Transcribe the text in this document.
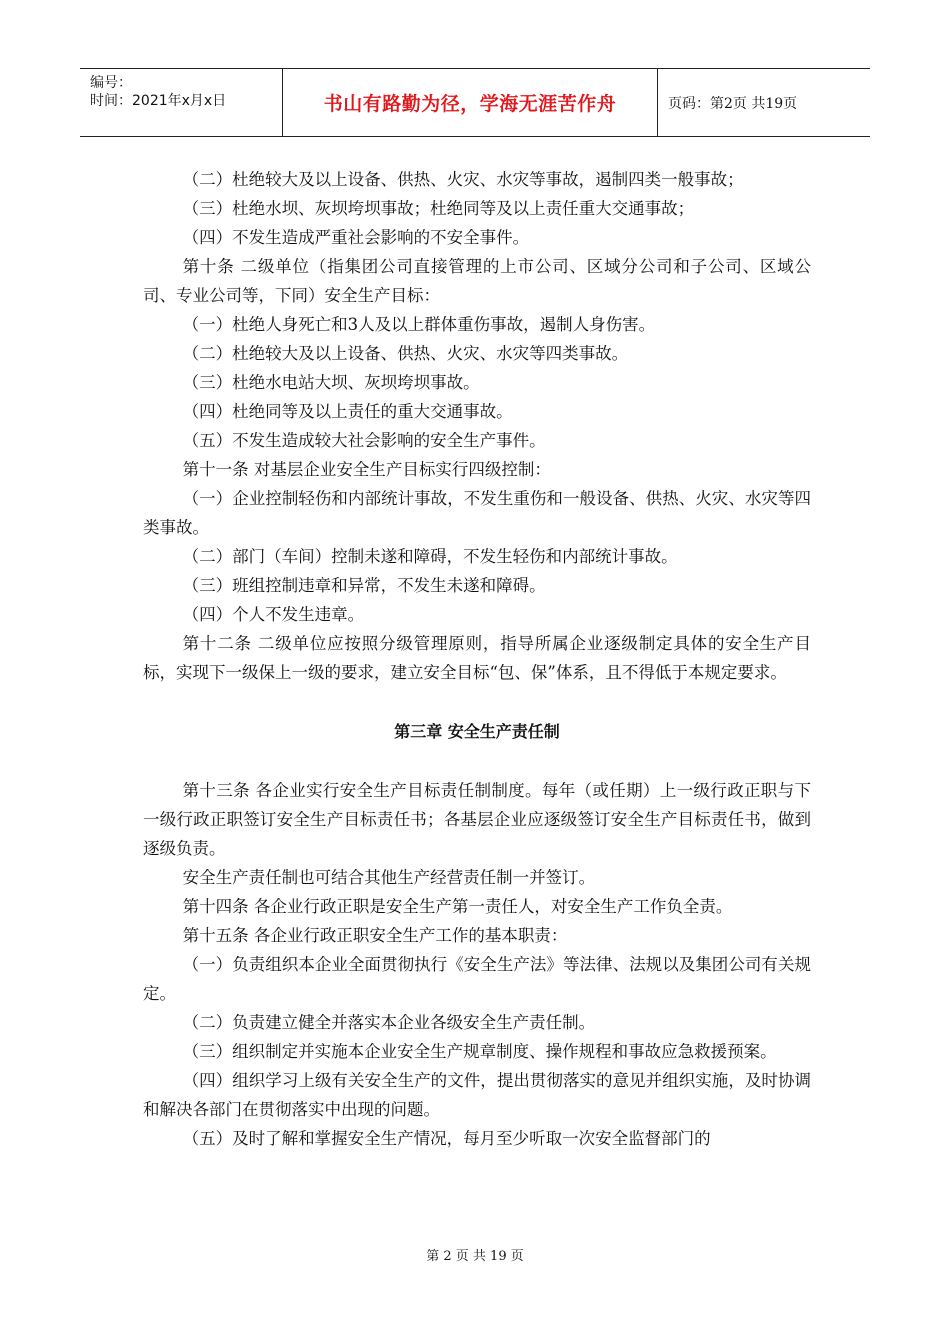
编号：
时间：2021年x月x日	书山有路勤为径，学海无涯苦作舟	页码：第2页 共19页

（二）杜绝较大及以上设备、供热、火灾、水灾等事故，遏制四类一般事故；

（三）杜绝水坝、灰坝垮坝事故；杜绝同等及以上责任重大交通事故；

（四）不发生造成严重社会影响的不安全事件。

第十条 二级单位（指集团公司直接管理的上市公司、区域分公司和子公司、区域公司、专业公司等，下同）安全生产目标：

（一）杜绝人身死亡和3人及以上群体重伤事故，遏制人身伤害。

（二）杜绝较大及以上设备、供热、火灾、水灾等四类事故。

（三）杜绝水电站大坝、灰坝垮坝事故。

（四）杜绝同等及以上责任的重大交通事故。

（五）不发生造成较大社会影响的安全生产事件。

第十一条 对基层企业安全生产目标实行四级控制：

（一）企业控制轻伤和内部统计事故，不发生重伤和一般设备、供热、火灾、水灾等四类事故。

（二）部门（车间）控制未遂和障碍，不发生轻伤和内部统计事故。

（三）班组控制违章和异常，不发生未遂和障碍。

（四）个人不发生违章。

第十二条 二级单位应按照分级管理原则，指导所属企业逐级制定具体的安全生产目标，实现下一级保上一级的要求，建立安全目标“包、保”体系，且不得低于本规定要求。

第三章 安全生产责任制

第十三条 各企业实行安全生产目标责任制制度。每年（或任期）上一级行政正职与下一级行政正职签订安全生产目标责任书；各基层企业应逐级签订安全生产目标责任书，做到逐级负责。

安全生产责任制也可结合其他生产经营责任制一并签订。

第十四条 各企业行政正职是安全生产第一责任人，对安全生产工作负全责。

第十五条 各企业行政正职安全生产工作的基本职责：

（一）负责组织本企业全面贯彻执行《安全生产法》等法律、法规以及集团公司有关规定。

（二）负责建立健全并落实本企业各级安全生产责任制。

（三）组织制定并实施本企业安全生产规章制度、操作规程和事故应急救援预案。

（四）组织学习上级有关安全生产的文件，提出贯彻落实的意见并组织实施，及时协调和解决各部门在贯彻落实中出现的问题。

（五）及时了解和掌握安全生产情况，每月至少听取一次安全监督部门的

第 2 页 共 19 页
